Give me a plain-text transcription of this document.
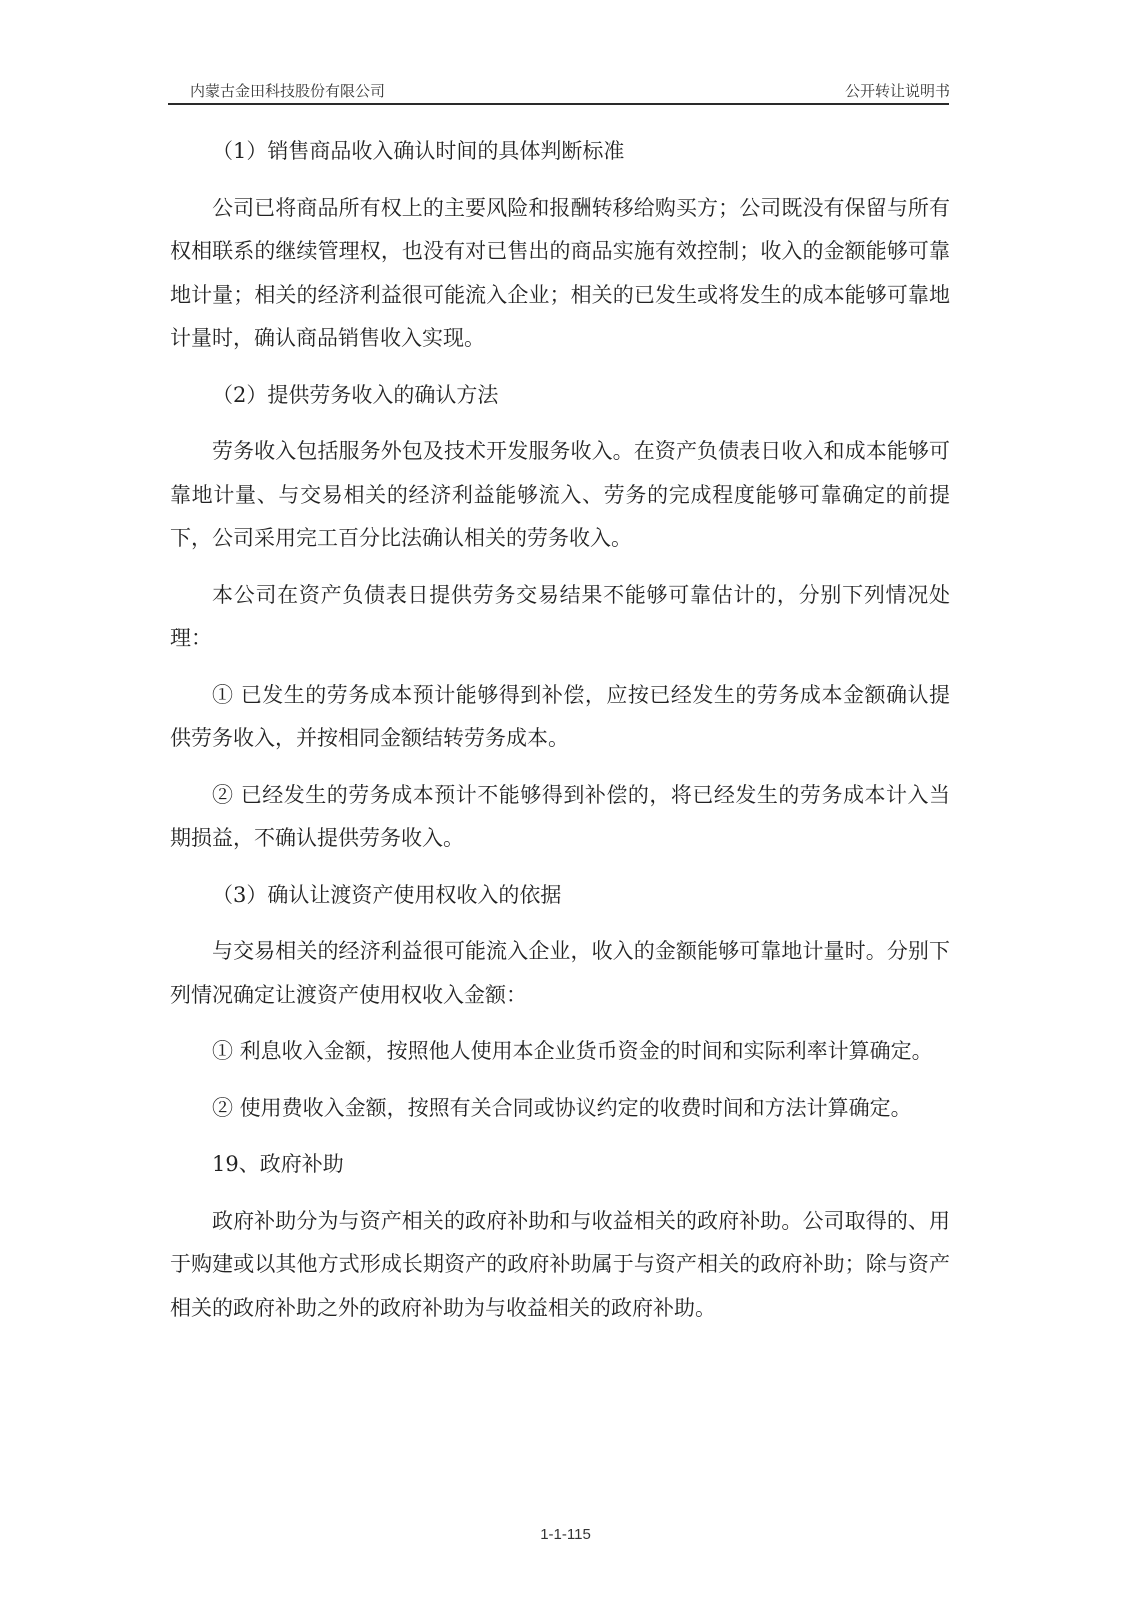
内蒙古金田科技股份有限公司	公开转让说明书

（1）销售商品收入确认时间的具体判断标准

公司已将商品所有权上的主要风险和报酬转移给购买方；公司既没有保留与所有权相联系的继续管理权，也没有对已售出的商品实施有效控制；收入的金额能够可靠地计量；相关的经济利益很可能流入企业；相关的已发生或将发生的成本能够可靠地计量时，确认商品销售收入实现。

（2）提供劳务收入的确认方法

劳务收入包括服务外包及技术开发服务收入。在资产负债表日收入和成本能够可靠地计量、与交易相关的经济利益能够流入、劳务的完成程度能够可靠确定的前提下，公司采用完工百分比法确认相关的劳务收入。

本公司在资产负债表日提供劳务交易结果不能够可靠估计的，分别下列情况处理：

① 已发生的劳务成本预计能够得到补偿，应按已经发生的劳务成本金额确认提供劳务收入，并按相同金额结转劳务成本。

② 已经发生的劳务成本预计不能够得到补偿的，将已经发生的劳务成本计入当期损益，不确认提供劳务收入。

（3）确认让渡资产使用权收入的依据

与交易相关的经济利益很可能流入企业，收入的金额能够可靠地计量时。分别下列情况确定让渡资产使用权收入金额：

① 利息收入金额，按照他人使用本企业货币资金的时间和实际利率计算确定。

② 使用费收入金额，按照有关合同或协议约定的收费时间和方法计算确定。

19、政府补助

政府补助分为与资产相关的政府补助和与收益相关的政府补助。公司取得的、用于购建或以其他方式形成长期资产的政府补助属于与资产相关的政府补助；除与资产相关的政府补助之外的政府补助为与收益相关的政府补助。

1-1-115
